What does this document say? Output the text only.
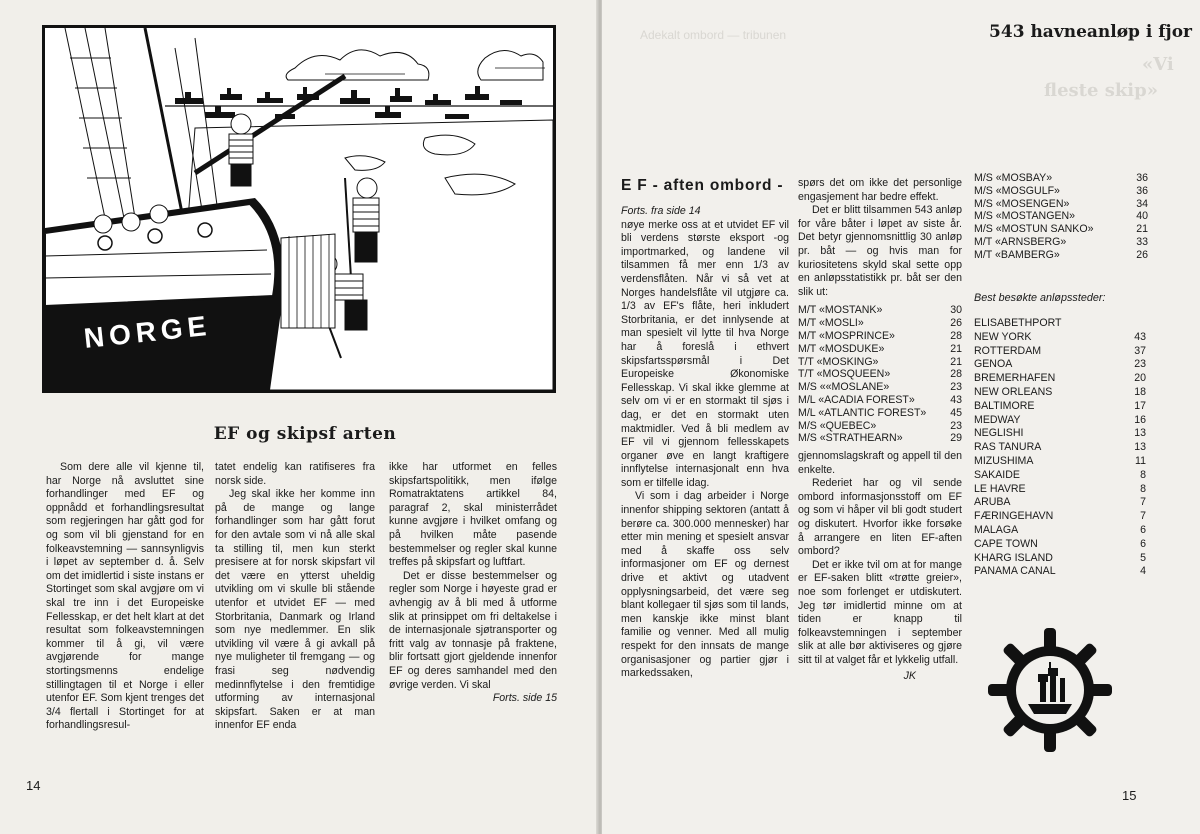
NORGE
EF og skipsf arten

Som dere alle vil kjenne til, har Norge nå avsluttet sine forhandlinger med EF og oppnådd et forhandlingsresultat som regjeringen har gått god for og som vil bli gjenstand for en folkeavstemning — sannsynligvis i løpet av september d. å. Selv om det imidlertid i siste instans er Stortinget som skal avgjøre om vi skal tre inn i det Europeiske Fellesskap, er det helt klart at det resultat som folkeavstemningen kommer til å gi, vil være avgjørende for mange stortingsmenns endelige stillingtagen til et Norge i eller utenfor EF. Som kjent trenges det 3/4 flertall i Stortinget for at forhandlingsresul-

tatet endelig kan ratifiseres fra norsk side.

Jeg skal ikke her komme inn på de mange og lange forhandlinger som har gått forut for den avtale som vi nå alle skal ta stilling til, men kun sterkt presisere at for norsk skipsfart vil det være en ytterst uheldig utvikling om vi skulle bli stående utenfor et utvidet EF — med Storbritania, Danmark og Irland som nye medlemmer. En slik utvikling vil være å gi avkall på nye muligheter til fremgang — og frasi seg nødvendig medinnflytelse i den fremtidige utforming av internasjonal skipsfart. Saken er at man innenfor EF enda

ikke har utformet en felles skipsfartspolitikk, men ifølge Romatraktatens artikkel 84, paragraf 2, skal ministerrådet kunne avgjøre i hvilket omfang og på hvilken måte pasende bestemmelser og regler skal kunne treffes på skipsfart og luftfart.

Det er disse bestemmelser og regler som Norge i høyeste grad er avhengig av å bli med å utforme slik at prinsippet om fri deltakelse i de internasjonale sjøtransporter og fritt valg av tonnasje på fraktene, blir fortsatt gjort gjeldende innenfor EF og deres samhandel med den øvrige verden. Vi skal

Forts. side 15
14
Adekalt ombord — tribunen
«Vi
fleste skip»
543 havneanløp i fjor
E F - aften ombord -
Forts. fra side 14

nøye merke oss at et utvidet EF vil bli verdens største eksport -og importmarked, og landene vil tilsammen få mer enn 1/3 av verdensflåten. Når vi så vet at Norges handelsflåte vil utgjøre ca. 1/3 av EF's flåte, heri inkludert Storbritania, er det innlysende at man spesielt vil lytte til hva Norge har å foreslå i ethvert skipsfartsspørsmål i Det Europeiske Økonomiske Fellesskap. Vi skal ikke glemme at selv om vi er en stormakt til sjøs i dag, er det en stormakt uten maktmidler. Ved å bli medlem av EF vil vi gjennom fellesskapets organer øve en langt kraftigere innflytelse internasjonalt enn hva som er tilfelle idag.

Vi som i dag arbeider i Norge innenfor shipping sektoren (antatt å berøre ca. 300.000 mennesker) har etter min mening et spesielt ansvar med å skaffe oss selv informasjoner om EF og dernest drive et aktivt og utadvent opplysningsarbeid, det være seg blant kollegaer til sjøs som til lands, men kanskje ikke minst blant familie og venner. Med all mulig respekt for den innsats de mange organisasjoner og partier gjør i markedssaken,

spørs det om ikke det personlige engasjement har bedre effekt.

Det er blitt tilsammen 543 anløp for våre båter i løpet av siste år. Det betyr gjennomsnittlig 30 anløp pr. båt — og hvis man for kuriositetens skyld skal sette opp en anløpsstatistikk pr. båt ser den slik ut:

M/T «MOSTANK»	30
M/T «MOSLI»	26
M/T «MOSPRINCE»	28
M/T «MOSDUKE»	21
T/T «MOSKING»	21
T/T «MOSQUEEN»	28
M/S ««MOSLANE»	23
M/L «ACADIA FOREST»	43
M/L «ATLANTIC FOREST»	45
M/S «QUEBEC»	23
M/S «STRATHEARN»	29

gjennomslagskraft og appell til den enkelte.

Rederiet har og vil sende ombord informasjonsstoff om EF og som vi håper vil bli godt studert og diskutert. Hvorfor ikke forsøke å arrangere en liten EF-aften ombord?

Det er ikke tvil om at for mange er EF-saken blitt «trøtte greier», noe som forlenget er utdiskutert. Jeg tør imidlertid minne om at tiden er knapp til folkeavstemningen i september slik at alle bør aktiviseres og gjøre sitt til at valget får et lykkelig utfall.

JK
M/S «MOSBAY»	36
M/S «MOSGULF»	36
M/S «MOSENGEN»	34
M/S «MOSTANGEN»	40
M/S «MOSTUN SANKO»	21
M/T «ARNSBERG»	33
M/T «BAMBERG»	26
Best besøkte anløpssteder:
ELISABETHPORT
NEW YORK	43
ROTTERDAM	37
GENOA	23
BREMERHAFEN	20
NEW ORLEANS	18
BALTIMORE	17
MEDWAY	16
NEGLISHI	13
RAS TANURA	13
MIZUSHIMA	11
SAKAIDE	8
LE HAVRE	8
ARUBA	7
FÆRINGEHAVN	7
MALAGA	6
CAPE TOWN	6
KHARG ISLAND	5
PANAMA CANAL	4
15
